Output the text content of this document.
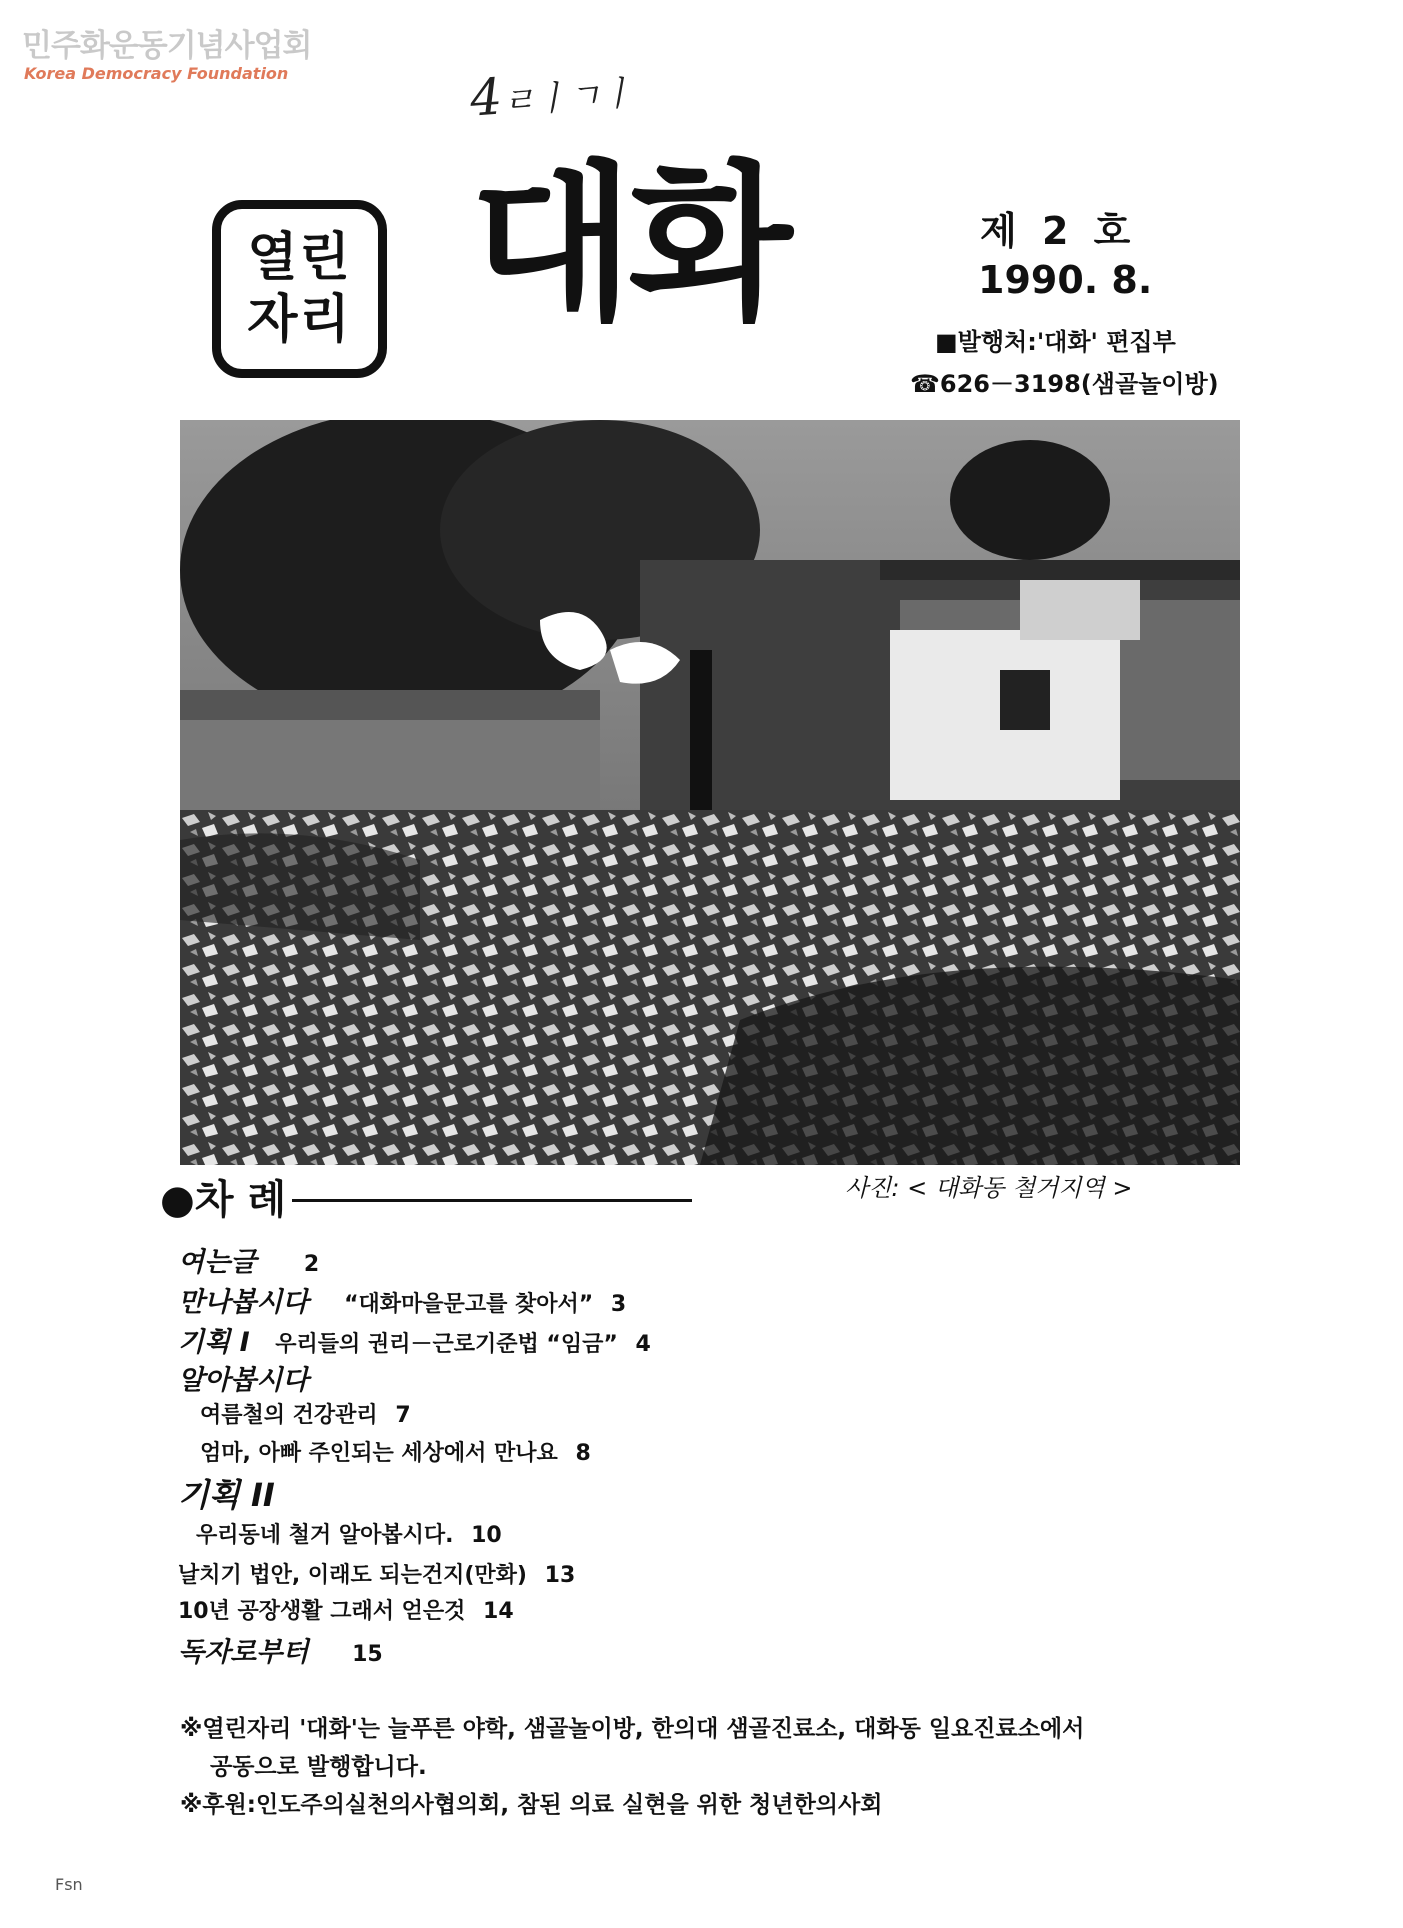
민주화운동기념사업회
Korea Democracy Foundation	4ㄹㅣㄱㅣ
열린
자리 대화	제 2 호
1990. 8.
■발행처:'대화' 편집부
☎626－3198(샘골놀이방)
●차 례	사진: < 대화동 철거지역 >
여는글 2
만나봅시다 “대화마을문고를 찾아서” 3
기획 I 우리들의 권리－근로기준법 “임금” 4
알아봅시다
여름철의 건강관리 7
엄마, 아빠 주인되는 세상에서 만나요 8
기획 II
우리동네 철거 알아봅시다. 10
날치기 법안, 이래도 되는건지(만화) 13
10년 공장생활 그래서 얻은것 14
독자로부터 15

※열린자리 '대화'는 늘푸른 야학, 샘골놀이방, 한의대 샘골진료소, 대화동 일요진료소에서

공동으로 발행합니다.

※후원:인도주의실천의사협의회, 참된 의료 실현을 위한 청년한의사회

Fsn
